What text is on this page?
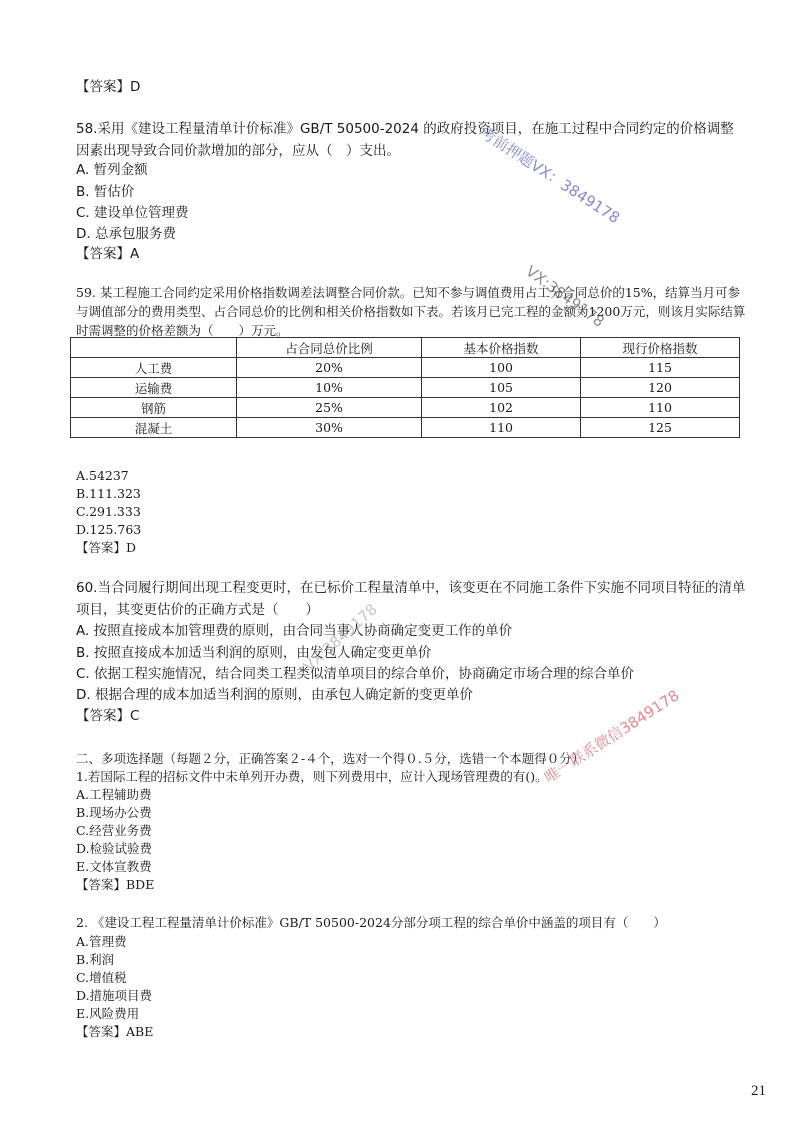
【答案】D
58.采用《建设工程量清单计价标准》GB/T 50500-2024 的政府投资项目，在施工过程中合同约定的价格调整因素出现导致合同价款增加的部分，应从（　）支出。
A. 暂列金额
B. 暂估价
C. 建设单位管理费
D. 总承包服务费
【答案】A
59. 某工程施工合同约定采用价格指数调差法调整合同价款。已知不参与调值费用占工分合同总价的15%，结算当月可参与调值部分的费用类型、占合同总价的比例和相关价格指数如下表。若该月已完工程的金额为1200万元，则该月实际结算时需调整的价格差额为（　　）万元。
	占合同总价比例	基本价格指数	现行价格指数
人工费	20%	100	115
运输费	10%	105	120
钢筋	25%	102	110
混凝土	30%	110	125
A.54237
B.111.323
C.291.333
D.125.763
【答案】D
60.当合同履行期间出现工程变更时，在已标价工程量清单中，该变更在不同施工条件下实施不同项目特征的清单项目，其变更估价的正确方式是（　　）
A. 按照直接成本加管理费的原则，由合同当事人协商确定变更工作的单价
B. 按照直接成本加适当利润的原则，由发包人确定变更单价
C. 依据工程实施情况，结合同类工程类似清单项目的综合单价，协商确定市场合理的综合单价
D. 根据合理的成本加适当利润的原则，由承包人确定新的变更单价
【答案】C
二、多项选择题（每题２分，正确答案２-４个，选对一个得０.５分，选错一个本题得０分）
1.若国际工程的招标文件中未单列开办费，则下列费用中，应计入现场管理费的有()。
A.工程辅助费
B.现场办公费
C.经营业务费
D.检验试验费
E.文体宣教费
【答案】BDE
2. 《建设工程工程量清单计价标准》GB/T 50500-2024分部分项工程的综合单价中涵盖的项目有（　　）
A.管理费
B.利润
C.增值税
D.措施项目费
E.风险费用
【答案】ABE
21
考前押题VX：3849178
VX:3849178
VX:3849178
唯一联系微信3849178
